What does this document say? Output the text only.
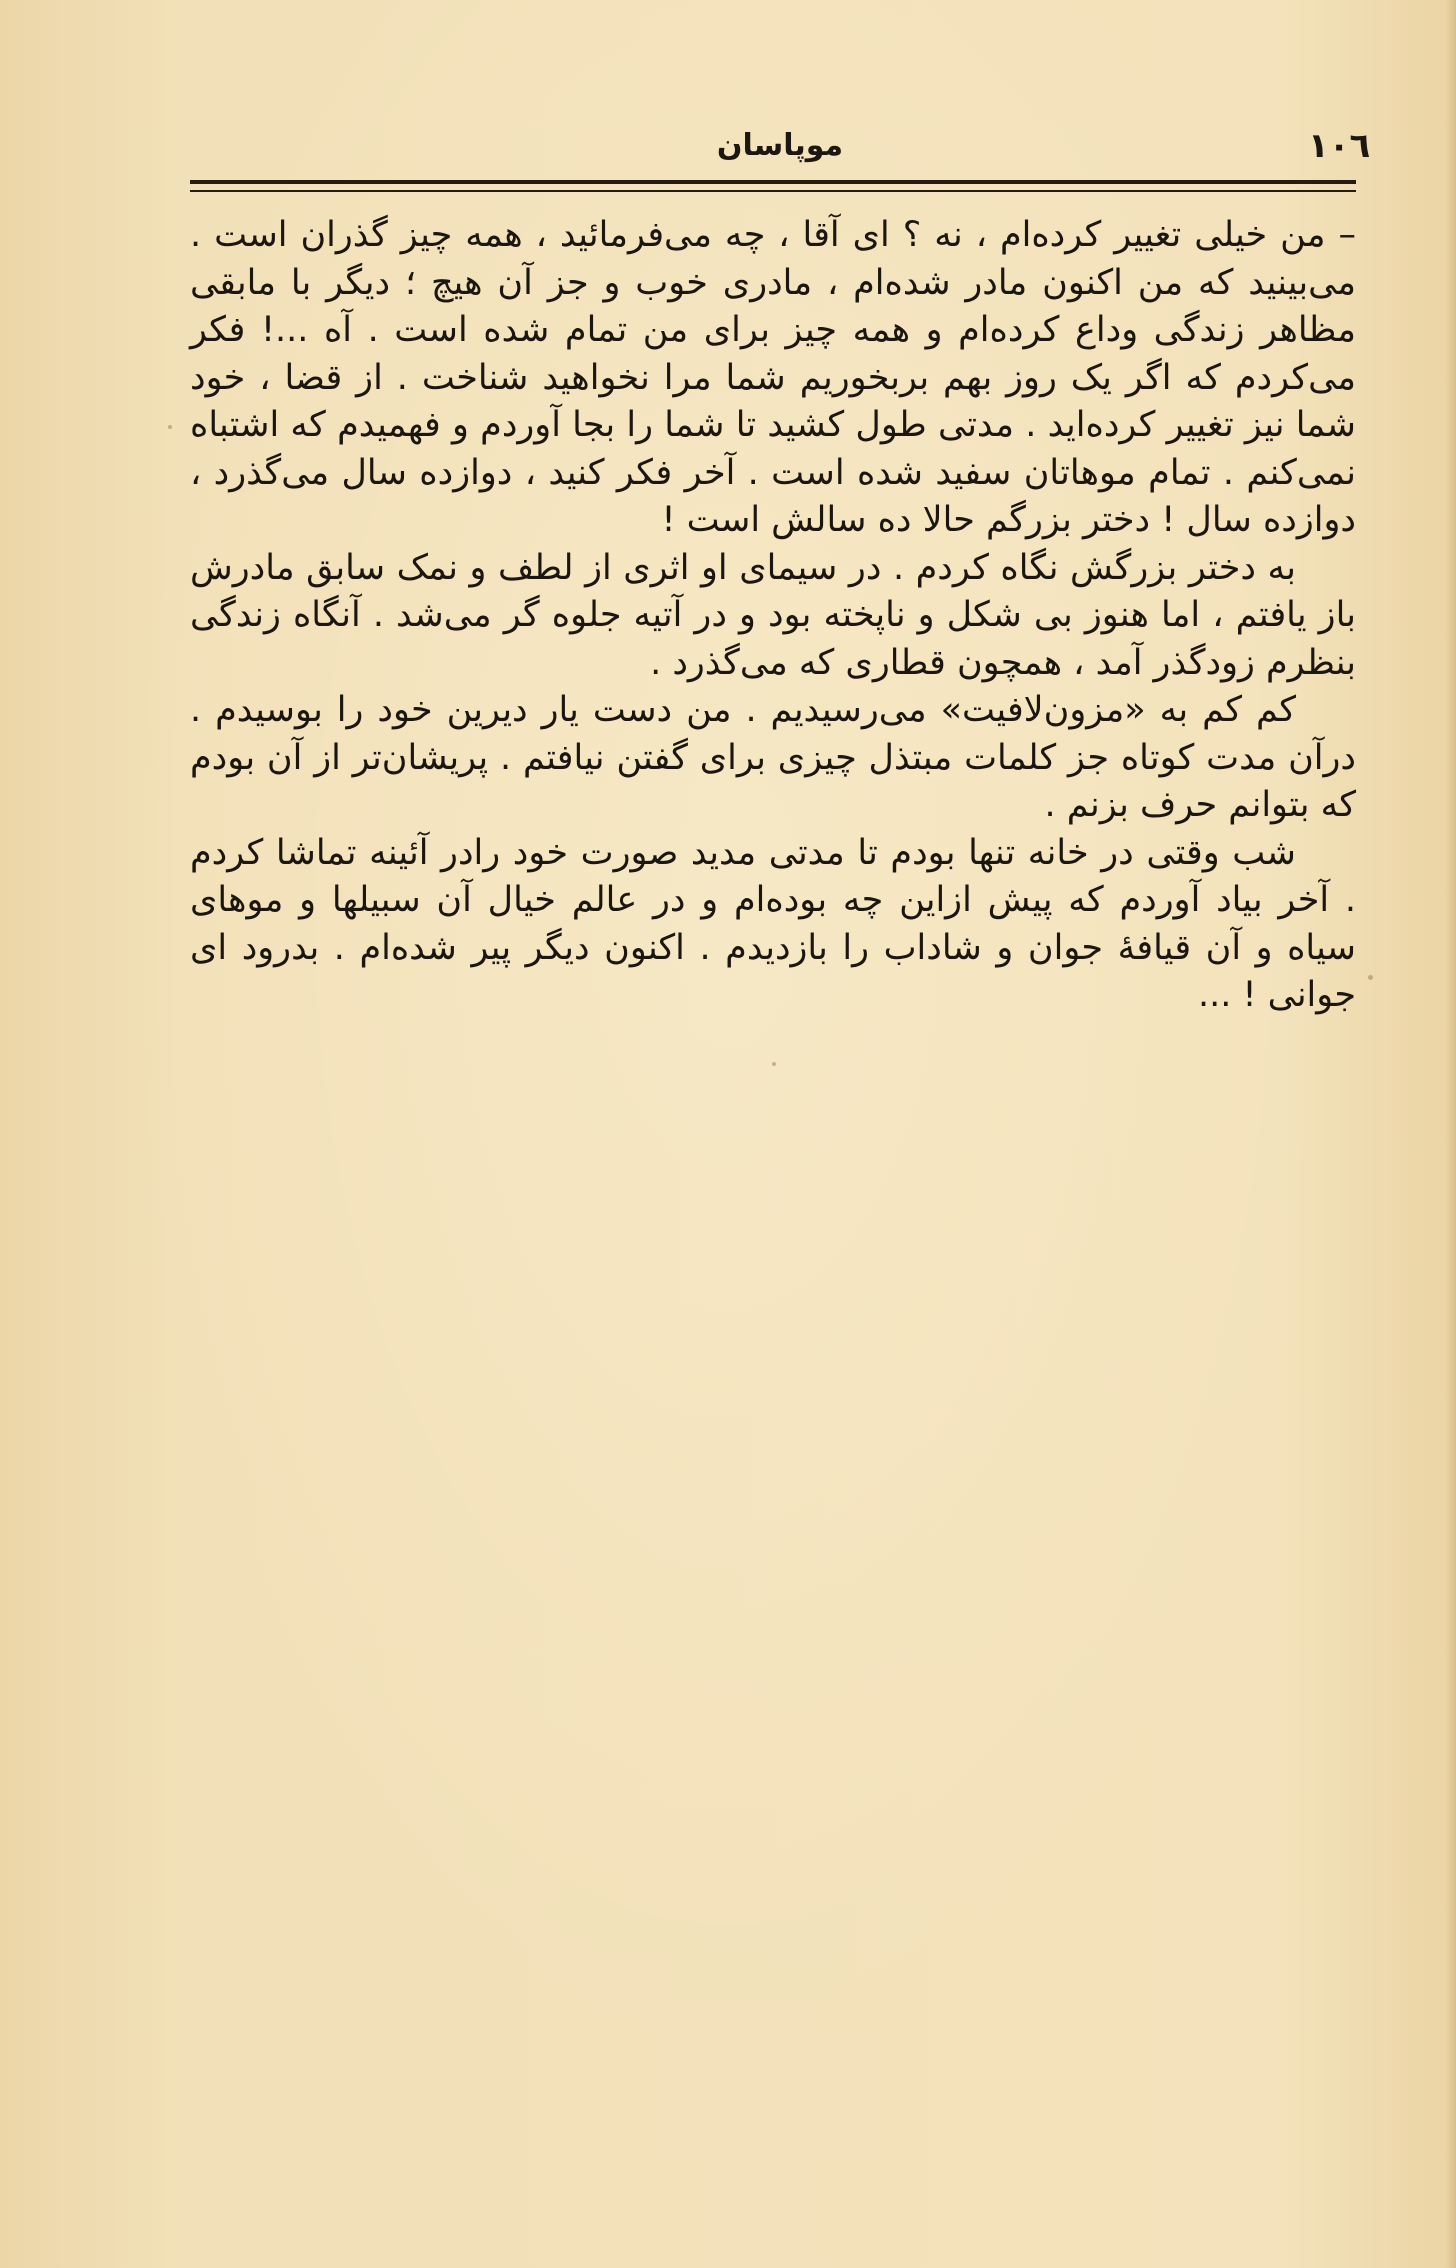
١٠٦
موپاسان

– من خیلی تغییر کرده‌ام ، نه ؟ ای آقا ، چه می‌فرمائید ، همه چیز گذران است . می‌بینید که من اکنون مادر شده‌ام ، مادری خوب و جز آن هیچ ؛ دیگر با مابقی مظاهر زندگی وداع کرده‌ام و همه چیز برای من تمام شده است . آه ...! فکر می‌کردم که اگر یک روز بهم بربخوریم شما مرا نخواهید شناخت . از قضا ، خود شما نیز تغییر کرده‌اید . مدتی طول کشید تا شما را بجا آوردم و فهمیدم که اشتباه نمی‌کنم . تمام موهاتان سفید شده است . آخر فکر کنید ، دوازده سال می‌گذرد ، دوازده سال ! دختر بزرگم حالا ده سالش است !

به دختر بزرگش نگاه کردم . در سیمای او اثری از لطف و نمک سابق مادرش باز یافتم ، اما هنوز بی شکل و ناپخته بود و در آتیه جلوه گر می‌شد . آنگاه زندگی بنظرم زودگذر آمد ، همچون قطاری که می‌گذرد .

کم کم به «مزون‌لافیت» می‌رسیدیم . من دست یار دیرین خود را بوسیدم . درآن مدت کوتاه جز کلمات مبتذل چیزی برای گفتن نیافتم . پریشان‌تر از آن بودم که بتوانم حرف بزنم .

شب وقتی در خانه تنها بودم تا مدتی مدید صورت خود رادر آئینه تماشا کردم . آخر بیاد آوردم که پیش ازاین چه بوده‌ام و در عالم خیال آن سبیلها و موهای سیاه و آن قیافهٔ جوان و شاداب را بازدیدم . اکنون دیگر پیر شده‌ام . بدرود ای جوانی ! ...
